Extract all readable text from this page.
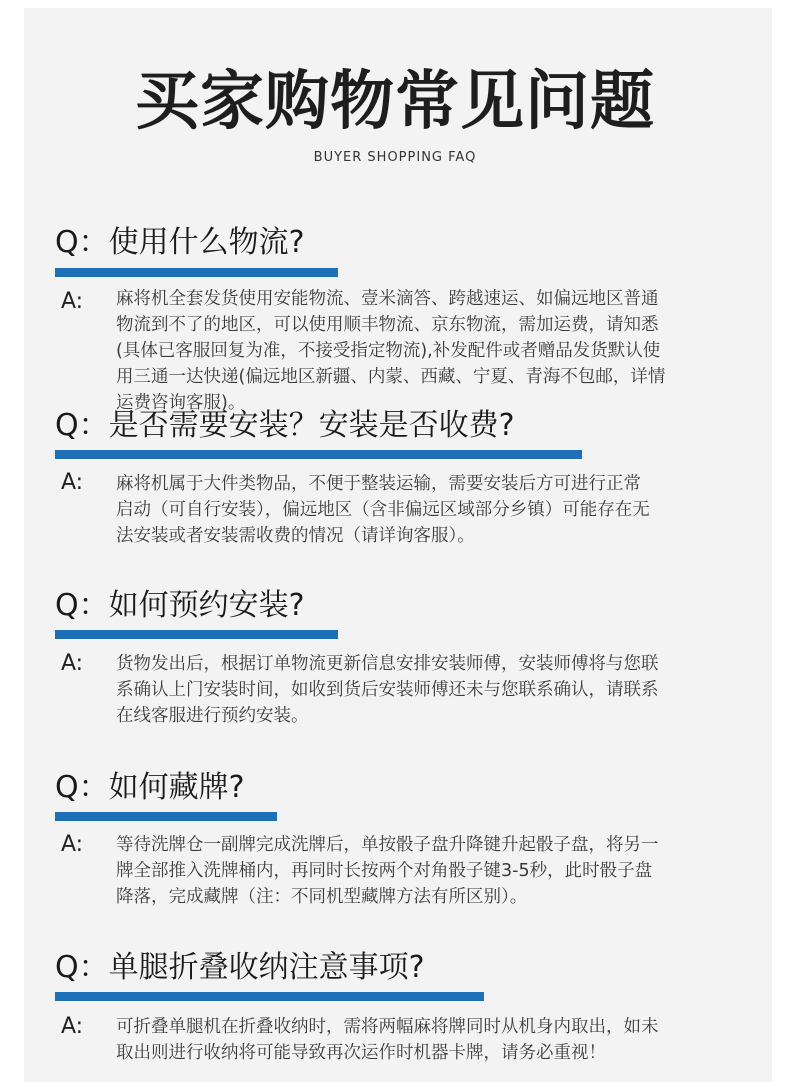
买家购物常见问题
BUYER SHOPPING FAQ
Q：使用什么物流?
A: 麻将机全套发货使用安能物流、壹米滴答、跨越速运、如偏远地区普通
物流到不了的地区，可以使用顺丰物流、京东物流，需加运费，请知悉
(具体已客服回复为准，不接受指定物流),补发配件或者赠品发货默认使
用三通一达快递(偏远地区新疆、内蒙、西藏、宁夏、青海不包邮，详情
运费咨询客服)。
Q：是否需要安装？安装是否收费?
A: 麻将机属于大件类物品，不便于整装运输，需要安装后方可进行正常
启动（可自行安装），偏远地区（含非偏远区域部分乡镇）可能存在无
法安装或者安装需收费的情况（请详询客服）。
Q：如何预约安装?
A: 货物发出后，根据订单物流更新信息安排安装师傅，安装师傅将与您联
系确认上门安装时间，如收到货后安装师傅还未与您联系确认，请联系
在线客服进行预约安装。
Q：如何藏牌?
A: 等待洗牌仓一副牌完成洗牌后，单按骰子盘升降键升起骰子盘，将另一
牌全部推入洗牌桶内，再同时长按两个对角骰子键3-5秒，此时骰子盘
降落，完成藏牌（注：不同机型藏牌方法有所区别）。
Q：单腿折叠收纳注意事项?
A: 可折叠单腿机在折叠收纳时，需将两幅麻将牌同时从机身内取出，如未
取出则进行收纳将可能导致再次运作时机器卡牌，请务必重视！
